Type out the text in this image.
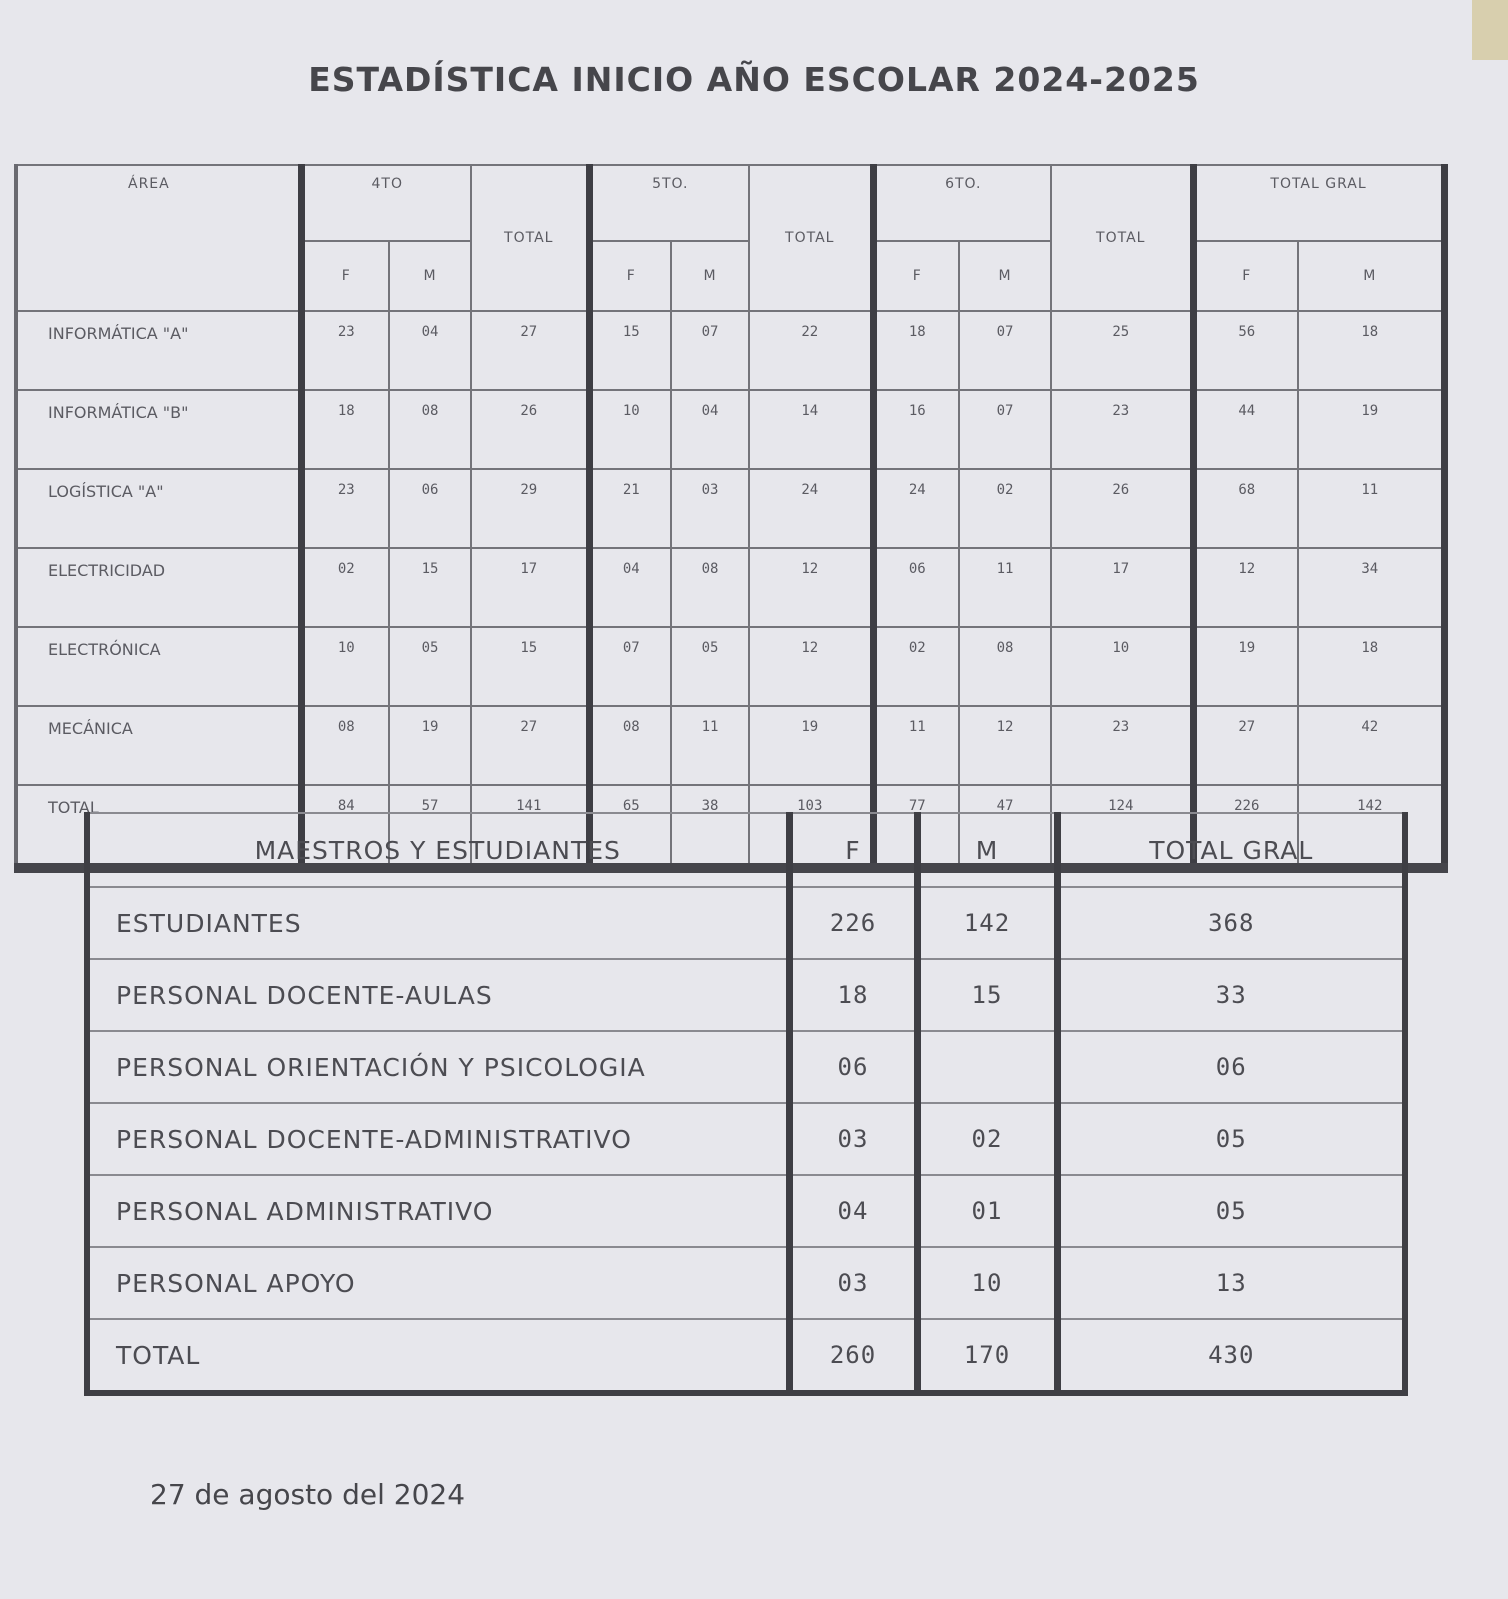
ESTADÍSTICA INICIO AÑO ESCOLAR 2024-2025
ÁREA	4TO		TOTAL	5TO.		TOTAL	6TO.		TOTAL	TOTAL GRAL	
	F	M		F	M		F	M		F	M
INFORMÁTICA "A"	23	04	27	15	07	22	18	07	25	56	18
INFORMÁTICA "B"	18	08	26	10	04	14	16	07	23	44	19
LOGÍSTICA "A"	23	06	29	21	03	24	24	02	26	68	11
ELECTRICIDAD	02	15	17	04	08	12	06	11	17	12	34
ELECTRÓNICA	10	05	15	07	05	12	02	08	10	19	18
MECÁNICA	08	19	27	08	11	19	11	12	23	27	42
TOTAL	84	57	141	65	38	103	77	47	124	226	142
MAESTROS Y ESTUDIANTES	F	M	TOTAL GRAL
ESTUDIANTES	226	142	368
PERSONAL DOCENTE-AULAS	18	15	33
PERSONAL ORIENTACIÓN Y PSICOLOGIA	06		06
PERSONAL DOCENTE-ADMINISTRATIVO	03	02	05
PERSONAL ADMINISTRATIVO	04	01	05
PERSONAL APOYO	03	10	13
TOTAL	260	170	430
27 de agosto del 2024
